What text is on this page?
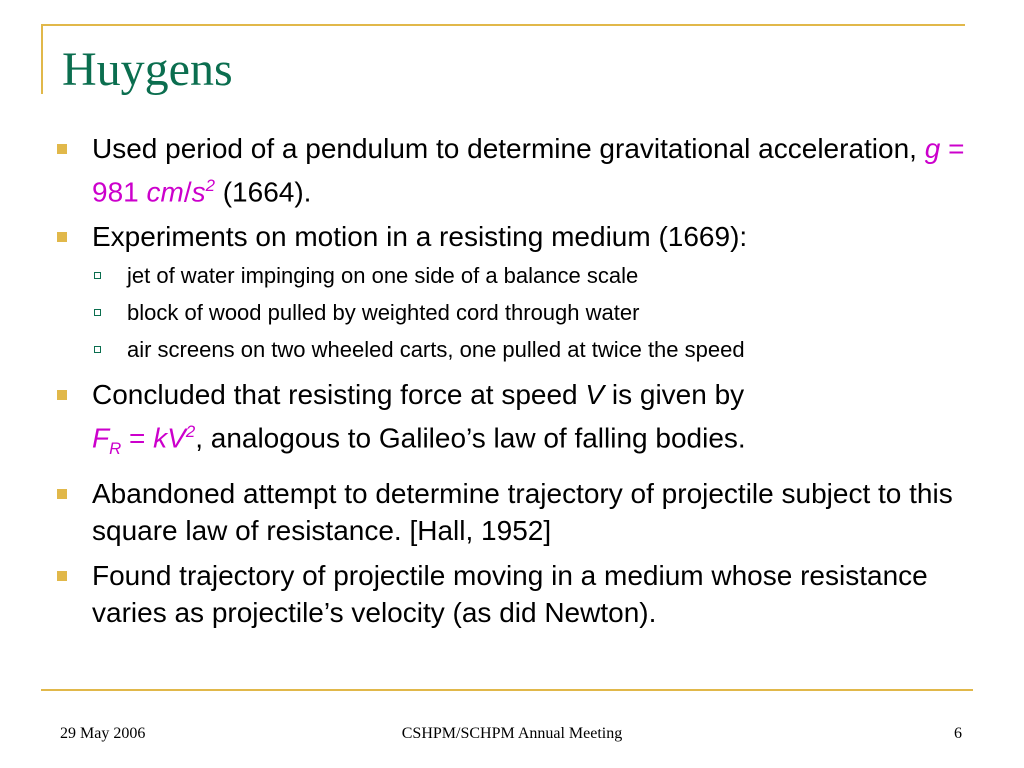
Huygens
Used period of a pendulum to determine gravitational acceleration, g = 981 $cm/s^2$ (1664).
Experiments on motion in a resisting medium (1669):
jet of water impinging on one side of a balance scale
block of wood pulled by weighted cord through water
air screens on two wheeled carts, one pulled at twice the speed
Concluded that resisting force at speed V is given by
$F_R = kV^2$, analogous to Galileo’s law of falling bodies.
Abandoned attempt to determine trajectory of projectile subject to this square law of resistance. [Hall, 1952]
Found trajectory of projectile moving in a medium whose resistance varies as projectile’s velocity (as did Newton).
29 May 2006	CSHPM/SCHPM Annual Meeting	6
